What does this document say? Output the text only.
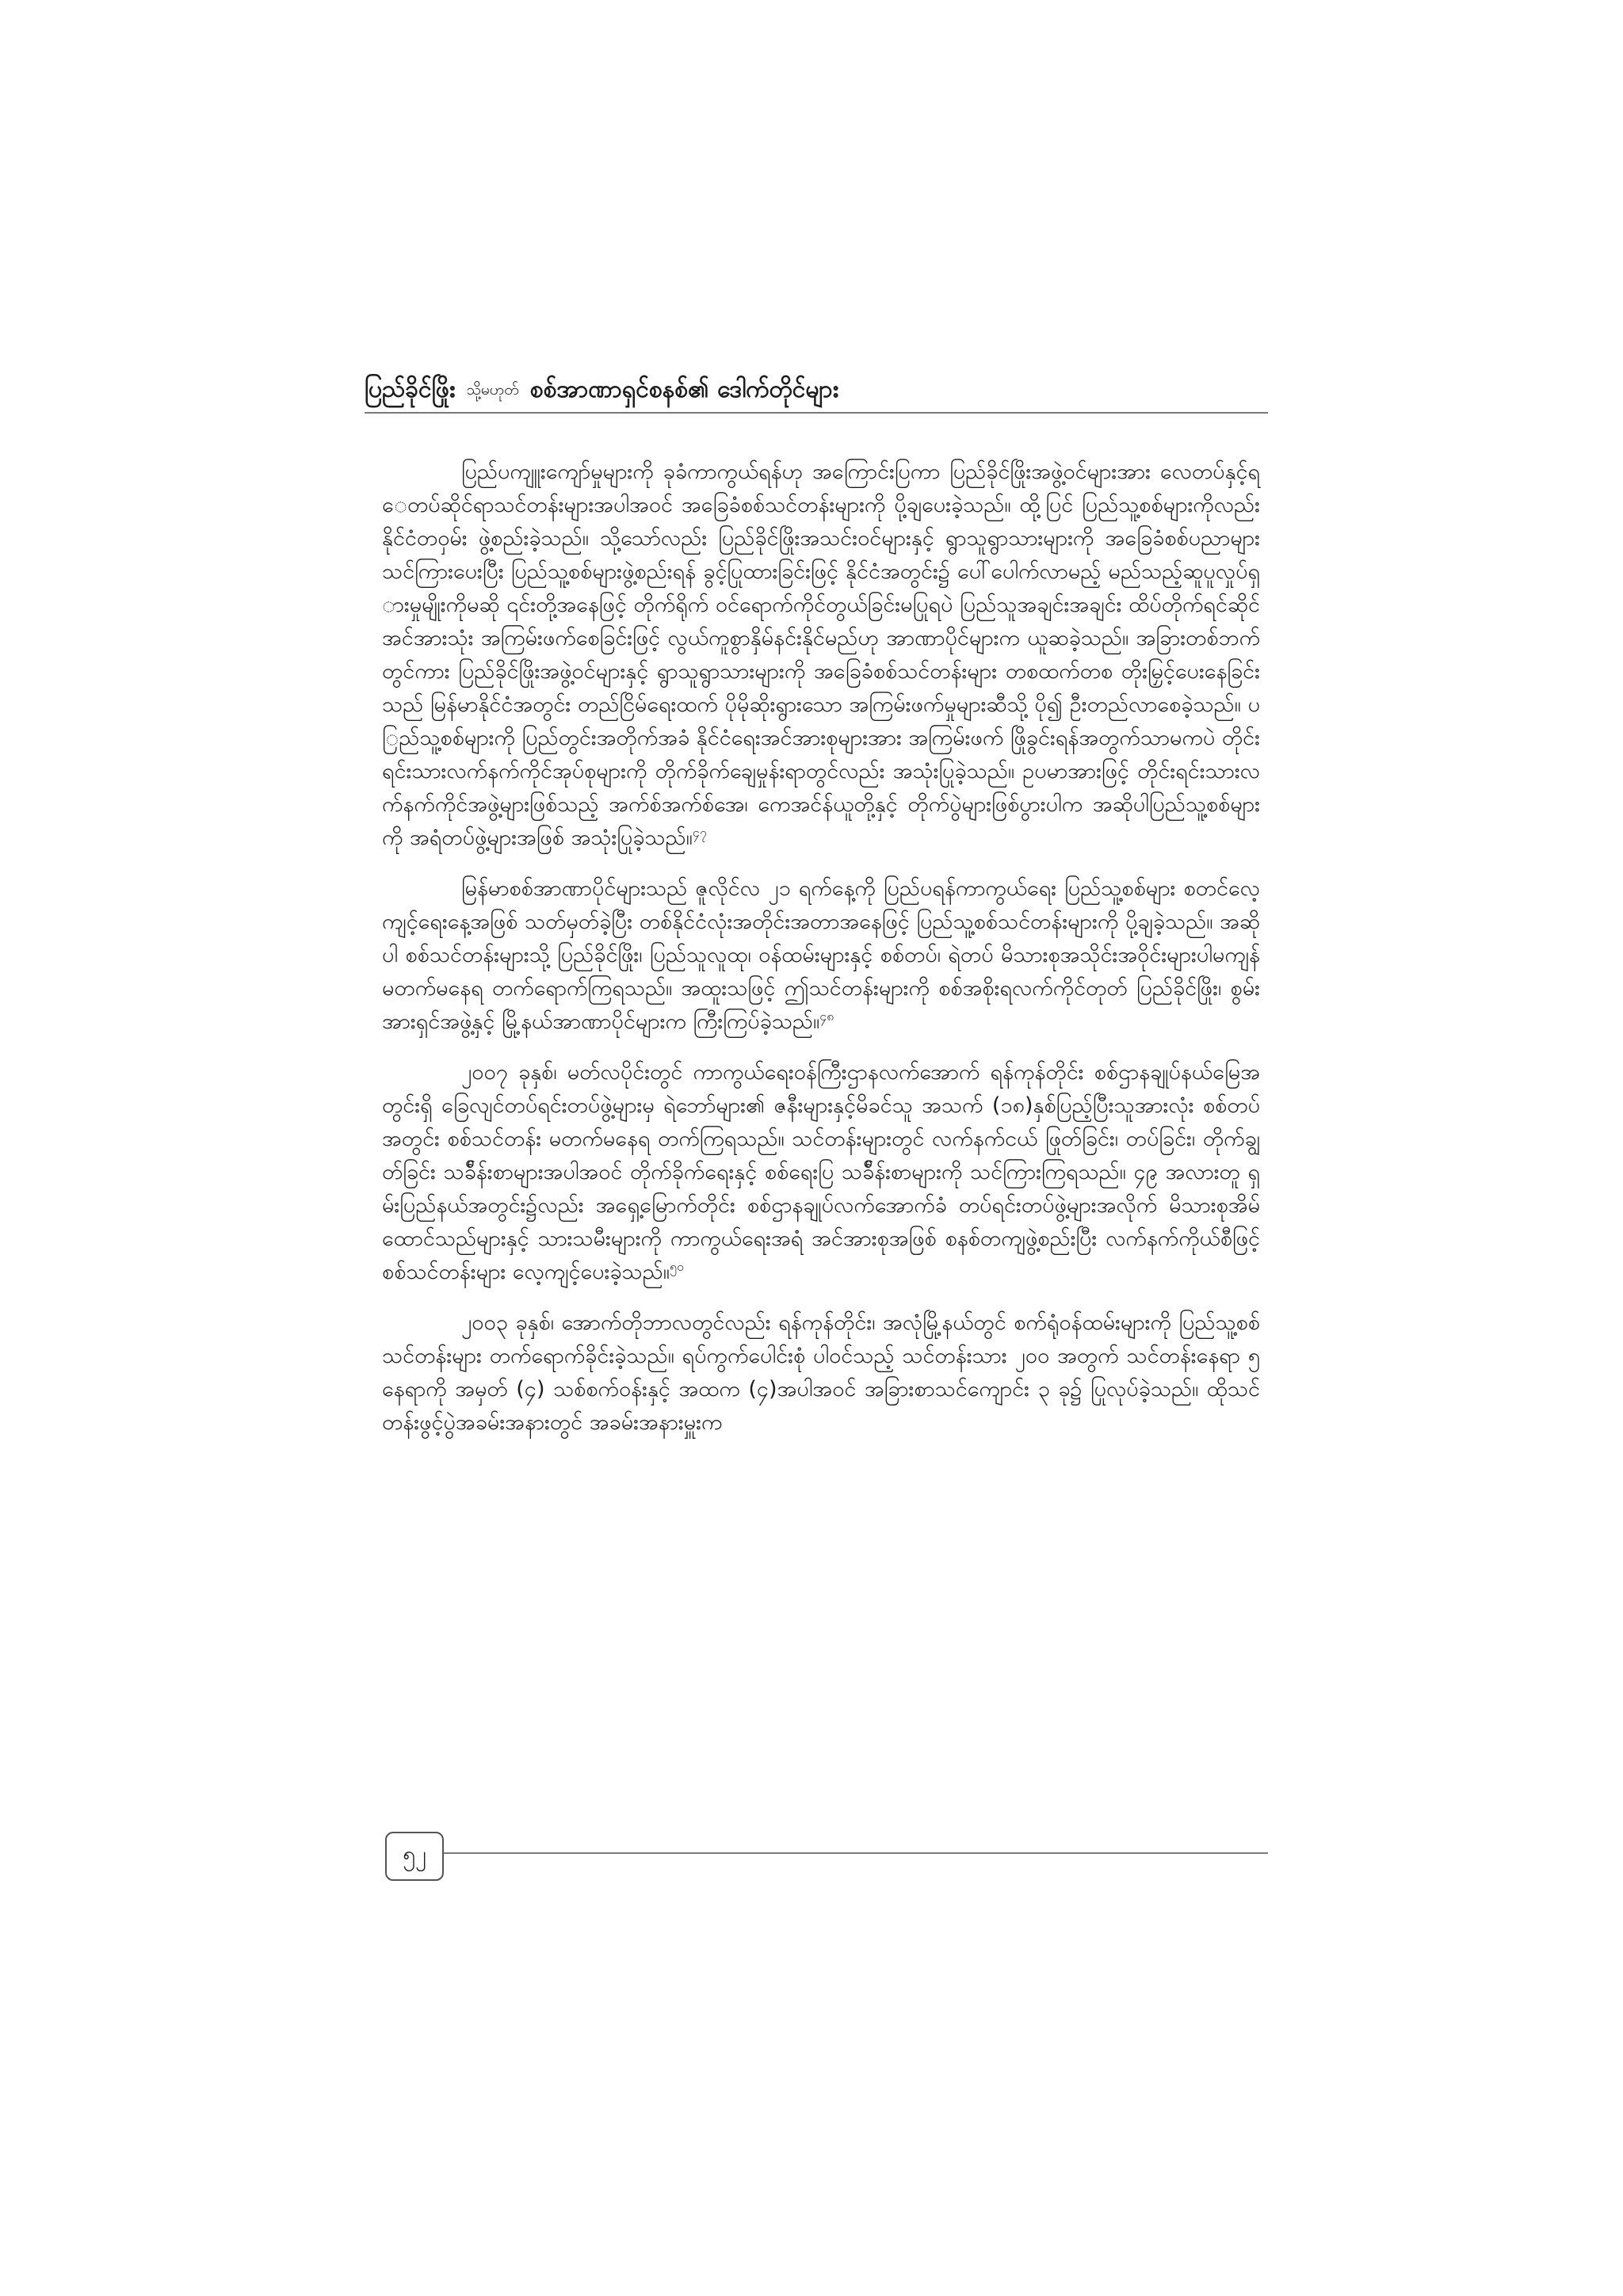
ပြည်ခိုင်ဖြိုး သို့မဟုတ် စစ်အာဏာရှင်စနစ်၏ ဒေါက်တိုင်များ

ပြည်ပကျူးကျော်မှုများကို ခုခံကာကွယ်ရန်ဟု အကြောင်းပြကာ ပြည်ခိုင်ဖြိုးအဖွဲ့ဝင်များအား လေတပ်နှင့်ရေတပ်ဆိုင်ရာသင်တန်းများအပါအဝင် အခြေခံစစ်သင်တန်းများကို ပို့ချပေးခဲ့သည်။ ထို့ပြင် ပြည်သူ့စစ်များကိုလည်း နိုင်ငံတဝှမ်း ဖွဲ့စည်းခဲ့သည်။ သို့သော်လည်း ပြည်ခိုင်ဖြိုးအသင်းဝင်များနှင့် ရွာသူရွာသားများကို အခြေခံစစ်ပညာများ သင်ကြားပေးပြီး ပြည်သူ့စစ်များဖွဲ့စည်းရန် ခွင့်ပြုထားခြင်းဖြင့် နိုင်ငံအတွင်း၌ ပေါ်ပေါက်လာမည့် မည်သည့်ဆူပူလှုပ်ရှားမှုမျိုးကိုမဆို ၎င်းတို့အနေဖြင့် တိုက်ရိုက် ဝင်ရောက်ကိုင်တွယ်ခြင်းမပြုရပဲ ပြည်သူအချင်းအချင်း ထိပ်တိုက်ရင်ဆိုင် အင်အားသုံး အကြမ်းဖက်စေခြင်းဖြင့် လွယ်ကူစွာနှိမ်နင်းနိုင်မည်ဟု အာဏာပိုင်များက ယူဆခဲ့သည်။ အခြားတစ်ဘက်တွင်ကား ပြည်ခိုင်ဖြိုးအဖွဲ့ဝင်များနှင့် ရွာသူရွာသားများကို အခြေခံစစ်သင်တန်းများ တစထက်တစ တိုးမြှင့်ပေးနေခြင်းသည် မြန်မာနိုင်ငံအတွင်း တည်ငြိမ်ရေးထက် ပိုမိုဆိုးရွားသော အကြမ်းဖက်မှုများဆီသို့ ပို၍ ဦးတည်လာစေခဲ့သည်။ ပြည်သူ့စစ်များကို ပြည်တွင်းအတိုက်အခံ နိုင်ငံရေးအင်အားစုများအား အကြမ်းဖက် ဖြိုခွင်းရန်အတွက်သာမကပဲ တိုင်းရင်းသားလက်နက်ကိုင်အုပ်စုများကို တိုက်ခိုက်ချေမှုန်းရာတွင်လည်း အသုံးပြုခဲ့သည်။ ဥပမာအားဖြင့် တိုင်းရင်းသားလက်နက်ကိုင်အဖွဲ့များဖြစ်သည့် အက်စ်အက်စ်အေ၊ ကေအင်န်ယူတို့နှင့် တိုက်ပွဲများဖြစ်ပွားပါက အဆိုပါပြည်သူ့စစ်များကို အရံတပ်ဖွဲ့များအဖြစ် အသုံးပြုခဲ့သည်။$^{၄၇}$

မြန်မာစစ်အာဏာပိုင်များသည် ဇူလိုင်လ ၂၁ ရက်နေ့ကို ပြည်ပရန်ကာကွယ်ရေး ပြည်သူ့စစ်များ စတင်လေ့ကျင့်ရေးနေ့အဖြစ် သတ်မှတ်ခဲ့ပြီး တစ်နိုင်ငံလုံးအတိုင်းအတာအနေဖြင့် ပြည်သူ့စစ်သင်တန်းများကို ပို့ချခဲ့သည်။ အဆိုပါ စစ်သင်တန်းများသို့ ပြည်ခိုင်ဖြိုး၊ ပြည်သူလူထု၊ ဝန်ထမ်းများနှင့် စစ်တပ်၊ ရဲတပ် မိသားစုအသိုင်းအဝိုင်းများပါမကျန် မတက်မနေရ တက်ရောက်ကြရသည်။ အထူးသဖြင့် ဤသင်တန်းများကို စစ်အစိုးရလက်ကိုင်တုတ် ပြည်ခိုင်ဖြိုး၊ စွမ်းအားရှင်အဖွဲ့နှင့် မြို့နယ်အာဏာပိုင်များက ကြီးကြပ်ခဲ့သည်။$^{၄၈}$

၂၀၀၇ ခုနှစ်၊ မတ်လပိုင်းတွင် ကာကွယ်ရေးဝန်ကြီးဌာနလက်အောက် ရန်ကုန်တိုင်း စစ်ဌာနချုပ်နယ်မြေအတွင်းရှိ ခြေလျင်တပ်ရင်းတပ်ဖွဲ့များမှ ရဲဘော်များ၏ ဇနီးများနှင့်မိခင်သူ အသက် (၁၈)နှစ်ပြည့်ပြီးသူအားလုံး စစ်တပ်အတွင်း စစ်သင်တန်း မတက်မနေရ တက်ကြရသည်။ သင်တန်းများတွင် လက်နက်ငယ် ဖြုတ်ခြင်း၊ တပ်ခြင်း၊ တိုက်ချွတ်ခြင်း သခ်ီန်းစာများအပါအဝင် တိုက်ခိုက်ရေးနှင့် စစ်ရေးပြ သခ်ီန်းစာများကို သင်ကြားကြရသည်။ ၄၉ အလားတူ ရှမ်းပြည်နယ်အတွင်း၌လည်း အရှေ့မြောက်တိုင်း စစ်ဌာနချုပ်လက်အောက်ခံ တပ်ရင်းတပ်ဖွဲ့များအလိုက် မိသားစုအိမ်ထောင်သည်များနှင့် သားသမီးများကို ကာကွယ်ရေးအရံ အင်အားစုအဖြစ် စနစ်တကျဖွဲ့စည်းပြီး လက်နက်ကိုယ်စီဖြင့် စစ်သင်တန်းများ လေ့ကျင့်ပေးခဲ့သည်။$^{၅၀}$

၂၀၀၃ ခုနှစ်၊ အောက်တိုဘာလတွင်လည်း ရန်ကုန်တိုင်း၊ အလုံမြို့နယ်တွင် စက်ရုံဝန်ထမ်းများကို ပြည်သူ့စစ်သင်တန်းများ တက်ရောက်ခိုင်းခဲ့သည်။ ရပ်ကွက်ပေါင်းစုံ ပါဝင်သည့် သင်တန်းသား ၂၀၀ အတွက် သင်တန်းနေရာ ၅ နေရာကို အမှတ် (၄) သစ်စက်ဝန်းနှင့် အထက (၄)အပါအဝင် အခြားစာသင်ကျောင်း ၃ ခု၌ ပြုလုပ်ခဲ့သည်။ ထိုသင်တန်းဖွင့်ပွဲအခမ်းအနားတွင် အခမ်းအနားမှူးက

၅၂
